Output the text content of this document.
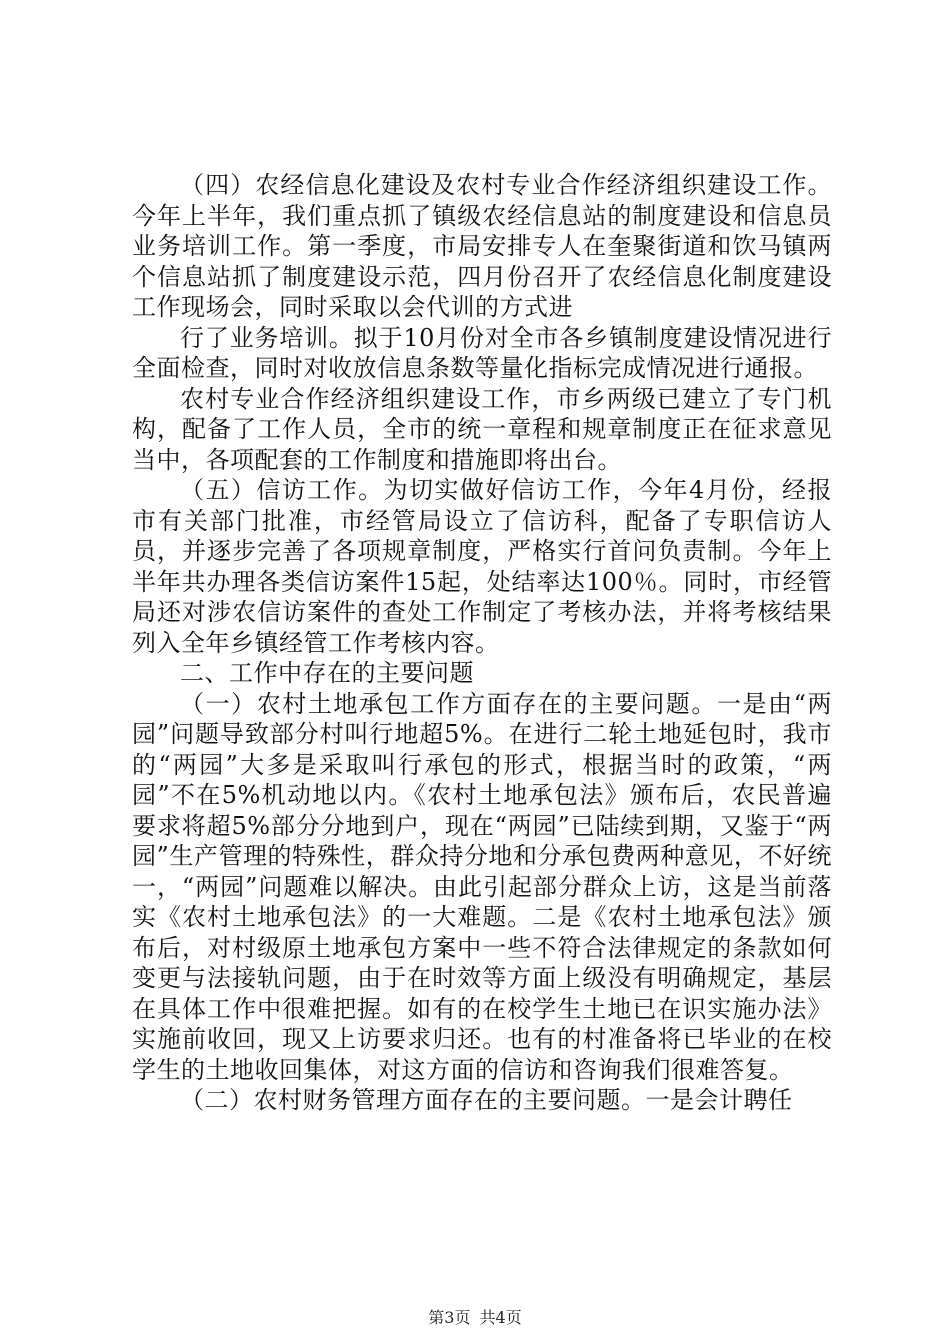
（四）农经信息化建设及农村专业合作经济组织建设工作。今年上半年，我们重点抓了镇级农经信息站的制度建设和信息员业务培训工作。第一季度，市局安排专人在奎聚街道和饮马镇两个信息站抓了制度建设示范，四月份召开了农经信息化制度建设工作现场会，同时采取以会代训的方式进

行了业务培训。拟于10月份对全市各乡镇制度建设情况进行全面检查，同时对收放信息条数等量化指标完成情况进行通报。

农村专业合作经济组织建设工作，市乡两级已建立了专门机构，配备了工作人员，全市的统一章程和规章制度正在征求意见当中，各项配套的工作制度和措施即将出台。

（五）信访工作。为切实做好信访工作，今年4月份，经报市有关部门批准，市经管局设立了信访科，配备了专职信访人员，并逐步完善了各项规章制度，严格实行首问负责制。今年上半年共办理各类信访案件15起，处结率达100％。同时，市经管局还对涉农信访案件的查处工作制定了考核办法，并将考核结果列入全年乡镇经管工作考核内容。

二、工作中存在的主要问题

（一）农村土地承包工作方面存在的主要问题。一是由“两园”问题导致部分村叫行地超5%。在进行二轮土地延包时，我市的“两园”大多是采取叫行承包的形式，根据当时的政策，“两园”不在5%机动地以内。《农村土地承包法》颁布后，农民普遍要求将超5%部分分地到户，现在“两园”已陆续到期，又鉴于“两园”生产管理的特殊性，群众持分地和分承包费两种意见，不好统一，“两园”问题难以解决。由此引起部分群众上访，这是当前落实《农村土地承包法》的一大难题。二是《农村土地承包法》颁布后，对村级原土地承包方案中一些不符合法律规定的条款如何变更与法接轨问题，由于在时效等方面上级没有明确规定，基层在具体工作中很难把握。如有的在校学生土地已在识实施办法》实施前收回，现又上访要求归还。也有的村准备将已毕业的在校学生的土地收回集体，对这方面的信访和咨询我们很难答复。

（二）农村财务管理方面存在的主要问题。一是会计聘任

第3页 共4页
